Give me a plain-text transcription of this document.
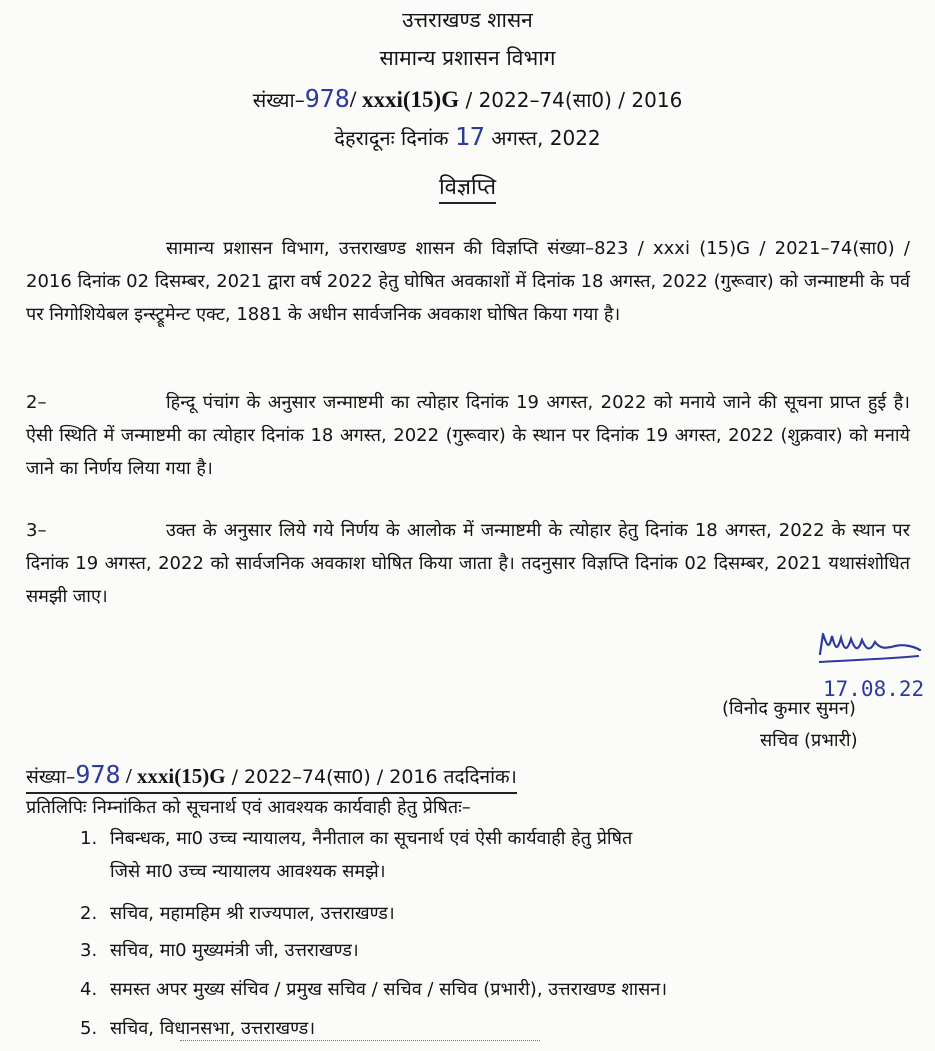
उत्तराखण्ड शासन
सामान्य प्रशासन विभाग
संख्या–978/ xxxi(15)G / 2022–74(सा0) / 2016
देहरादूनः दिनांक 17 अगस्त, 2022
विज्ञप्ति
सामान्य प्रशासन विभाग, उत्तराखण्ड शासन की विज्ञप्ति संख्या–823 / xxxi (15)G / 2021–74(सा0) / 2016 दिनांक 02 दिसम्बर, 2021 द्वारा वर्ष 2022 हेतु घोषित अवकाशों में दिनांक 18 अगस्त, 2022 (गुरूवार) को जन्माष्टमी के पर्व पर निगोशियेबल इन्स्ट्रूमेन्ट एक्ट, 1881 के अधीन सार्वजनिक अवकाश घोषित किया गया है।
2–	हिन्दू पंचांग के अनुसार जन्माष्टमी का त्योहार दिनांक 19 अगस्त, 2022 को मनाये जाने की सूचना प्राप्त हुई है। ऐसी स्थिति में जन्माष्टमी का त्योहार दिनांक 18 अगस्त, 2022 (गुरूवार) के स्थान पर दिनांक 19 अगस्त, 2022 (शुक्रवार) को मनाये जाने का निर्णय लिया गया है।
3–	उक्त के अनुसार लिये गये निर्णय के आलोक में जन्माष्टमी के त्योहार हेतु दिनांक 18 अगस्त, 2022 के स्थान पर दिनांक 19 अगस्त, 2022 को सार्वजनिक अवकाश घोषित किया जाता है। तदनुसार विज्ञप्ति दिनांक 02 दिसम्बर, 2021 यथासंशोधित समझी जाए।
17.08.22
(विनोद कुमार सुमन)
सचिव (प्रभारी)
संख्या–978 / xxxi(15)G / 2022–74(सा0) / 2016 तददिनांक।
प्रतिलिपिः निम्नांकित को सूचनार्थ एवं आवश्यक कार्यवाही हेतु प्रेषितः–
1. निबन्धक, मा0 उच्च न्यायालय, नैनीताल का सूचनार्थ एवं ऐसी कार्यवाही हेतु प्रेषित
जिसे मा0 उच्च न्यायालय आवश्यक समझे।
2. सचिव, महामहिम श्री राज्यपाल, उत्तराखण्ड।
3. सचिव, मा0 मुख्यमंत्री जी, उत्तराखण्ड।
4. समस्त अपर मुख्य संचिव / प्रमुख सचिव / सचिव / सचिव (प्रभारी), उत्तराखण्ड शासन।
5. सचिव, विधानसभा, उत्तराखण्ड।
